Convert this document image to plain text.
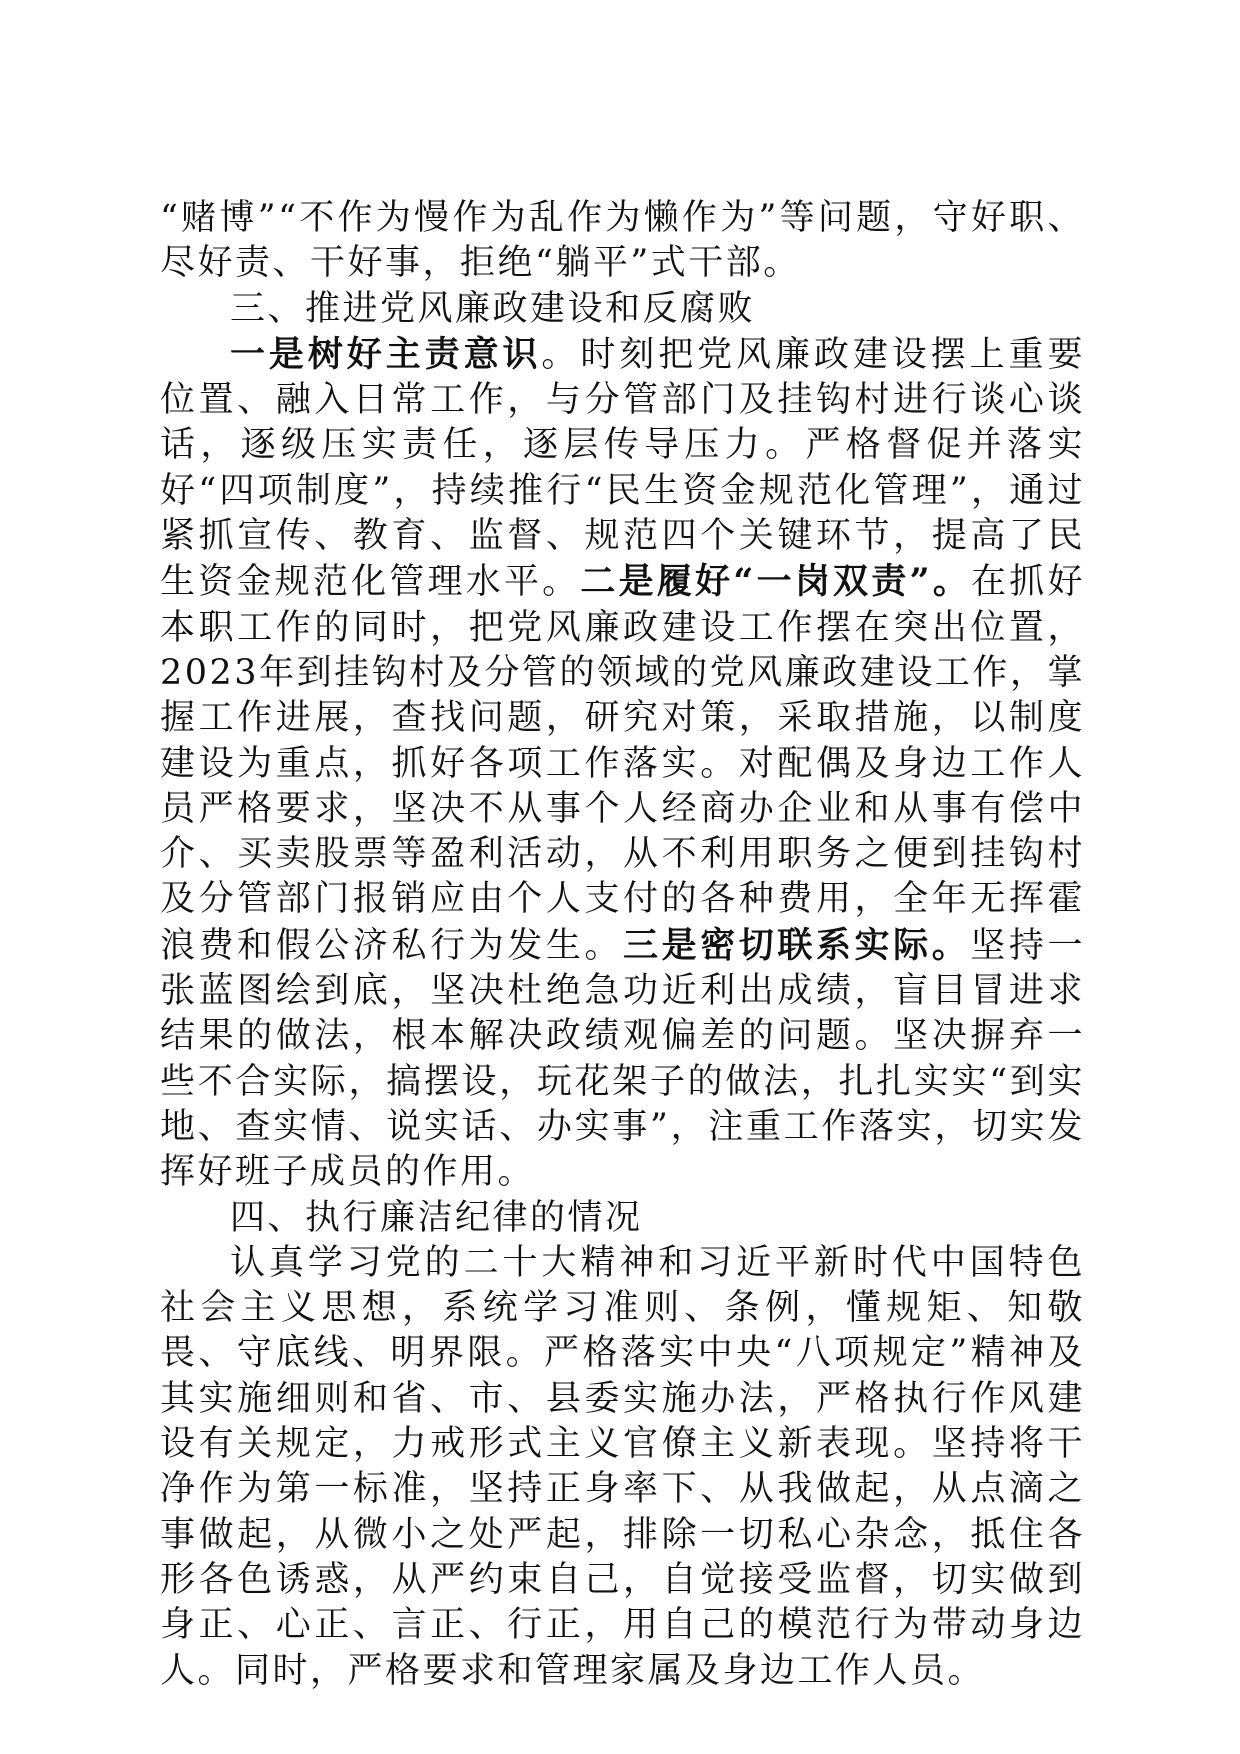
“赌博”“不作为慢作为乱作为懒作为”等问题，守好职、尽好责、干好事，拒绝“躺平”式干部。

三、推进党风廉政建设和反腐败

一是树好主责意识。时刻把党风廉政建设摆上重要位置、融入日常工作，与分管部门及挂钩村进行谈心谈话，逐级压实责任，逐层传导压力。严格督促并落实好“四项制度”，持续推行“民生资金规范化管理”，通过紧抓宣传、教育、监督、规范四个关键环节，提高了民生资金规范化管理水平。二是履好“一岗双责”。在抓好本职工作的同时，把党风廉政建设工作摆在突出位置，2023年到挂钩村及分管的领域的党风廉政建设工作，掌握工作进展，查找问题，研究对策，采取措施，以制度建设为重点，抓好各项工作落实。对配偶及身边工作人员严格要求，坚决不从事个人经商办企业和从事有偿中介、买卖股票等盈利活动，从不利用职务之便到挂钩村及分管部门报销应由个人支付的各种费用，全年无挥霍浪费和假公济私行为发生。三是密切联系实际。坚持一张蓝图绘到底，坚决杜绝急功近利出成绩，盲目冒进求结果的做法，根本解决政绩观偏差的问题。坚决摒弃一些不合实际，搞摆设，玩花架子的做法，扎扎实实“到实地、查实情、说实话、办实事”，注重工作落实，切实发挥好班子成员的作用。

四、执行廉洁纪律的情况

认真学习党的二十大精神和习近平新时代中国特色社会主义思想，系统学习准则、条例，懂规矩、知敬畏、守底线、明界限。严格落实中央“八项规定”精神及其实施细则和省、市、县委实施办法，严格执行作风建设有关规定，力戒形式主义官僚主义新表现。坚持将干净作为第一标准，坚持正身率下、从我做起，从点滴之事做起，从微小之处严起，排除一切私心杂念，抵住各形各色诱惑，从严约束自己，自觉接受监督，切实做到身正、心正、言正、行正，用自己的模范行为带动身边人。同时，严格要求和管理家属及身边工作人员。
